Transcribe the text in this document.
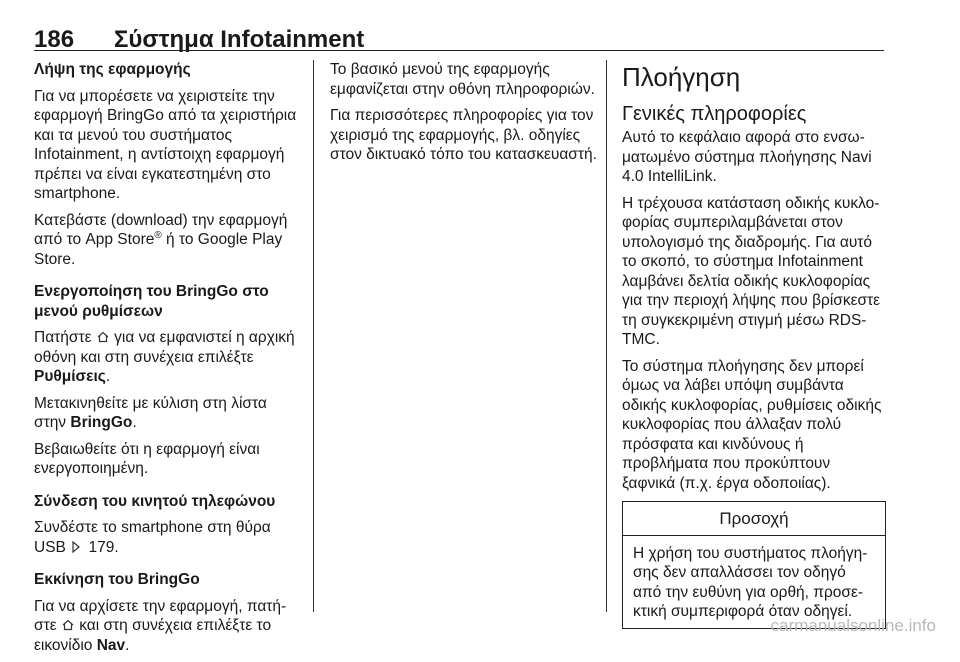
186	Σύστημα Infotainment

Λήψη της εφαρμογής

Για να μπορέσετε να χειριστείτε την εφαρμογή BringGo από τα χειριστήρια και τα μενού του συστήματος Infotainment, η αντίστοιχη εφαρμογή πρέπει να είναι εγκατεστημένη στο smartphone.

Κατεβάστε (download) την εφαρμογή από το App Store® ή το Google Play Store.

Ενεργοποίηση του BringGo στο μενού ρυθμίσεων

Πατήστε  για να εμφανιστεί η αρχική οθόνη και στη συνέχεια επιλέξτε Ρυθμίσεις.

Μετακινηθείτε με κύλιση στη λίστα στην BringGo.

Βεβαιωθείτε ότι η εφαρμογή είναι ενεργοποιημένη.

Σύνδεση του κινητού τηλεφώνου

Συνδέστε το smartphone στη θύρα USB  179.

Εκκίνηση του BringGo

Για να αρχίσετε την εφαρμογή, πατήστε  και στη συνέχεια επιλέξτε το εικονίδιο Nav.

Το βασικό μενού της εφαρμογής εμφανίζεται στην οθόνη πληροφοριών.

Για περισσότερες πληροφορίες για τον χειρισμό της εφαρμογής, βλ. οδηγίες στον δικτυακό τόπο του κατασκευαστή.

Πλοήγηση
Γενικές πληροφορίες

Αυτό το κεφάλαιο αφορά στο ενσωματωμένο σύστημα πλοήγησης Navi 4.0 IntelliLink.

Η τρέχουσα κατάσταση οδικής κυκλοφορίας συμπεριλαμβάνεται στον υπολογισμό της διαδρομής. Για αυτό το σκοπό, το σύστημα Infotainment λαμβάνει δελτία οδικής κυκλοφορίας για την περιοχή λήψης που βρίσκεστε τη συγκεκριμένη στιγμή μέσω RDS-TMC.

Το σύστημα πλοήγησης δεν μπορεί όμως να λάβει υπόψη συμβάντα οδικής κυκλοφορίας, ρυθμίσεις οδικής κυκλοφορίας που άλλαξαν πολύ πρόσφατα και κινδύνους ή προβλήματα που προκύπτουν ξαφνικά (π.χ. έργα οδοποιίας).

Προσοχή
Η χρήση του συστήματος πλοήγησης δεν απαλλάσσει τον οδηγό από την ευθύνη για ορθή, προσεκτική συμπεριφορά όταν οδηγεί.
carmanualsonline.info
